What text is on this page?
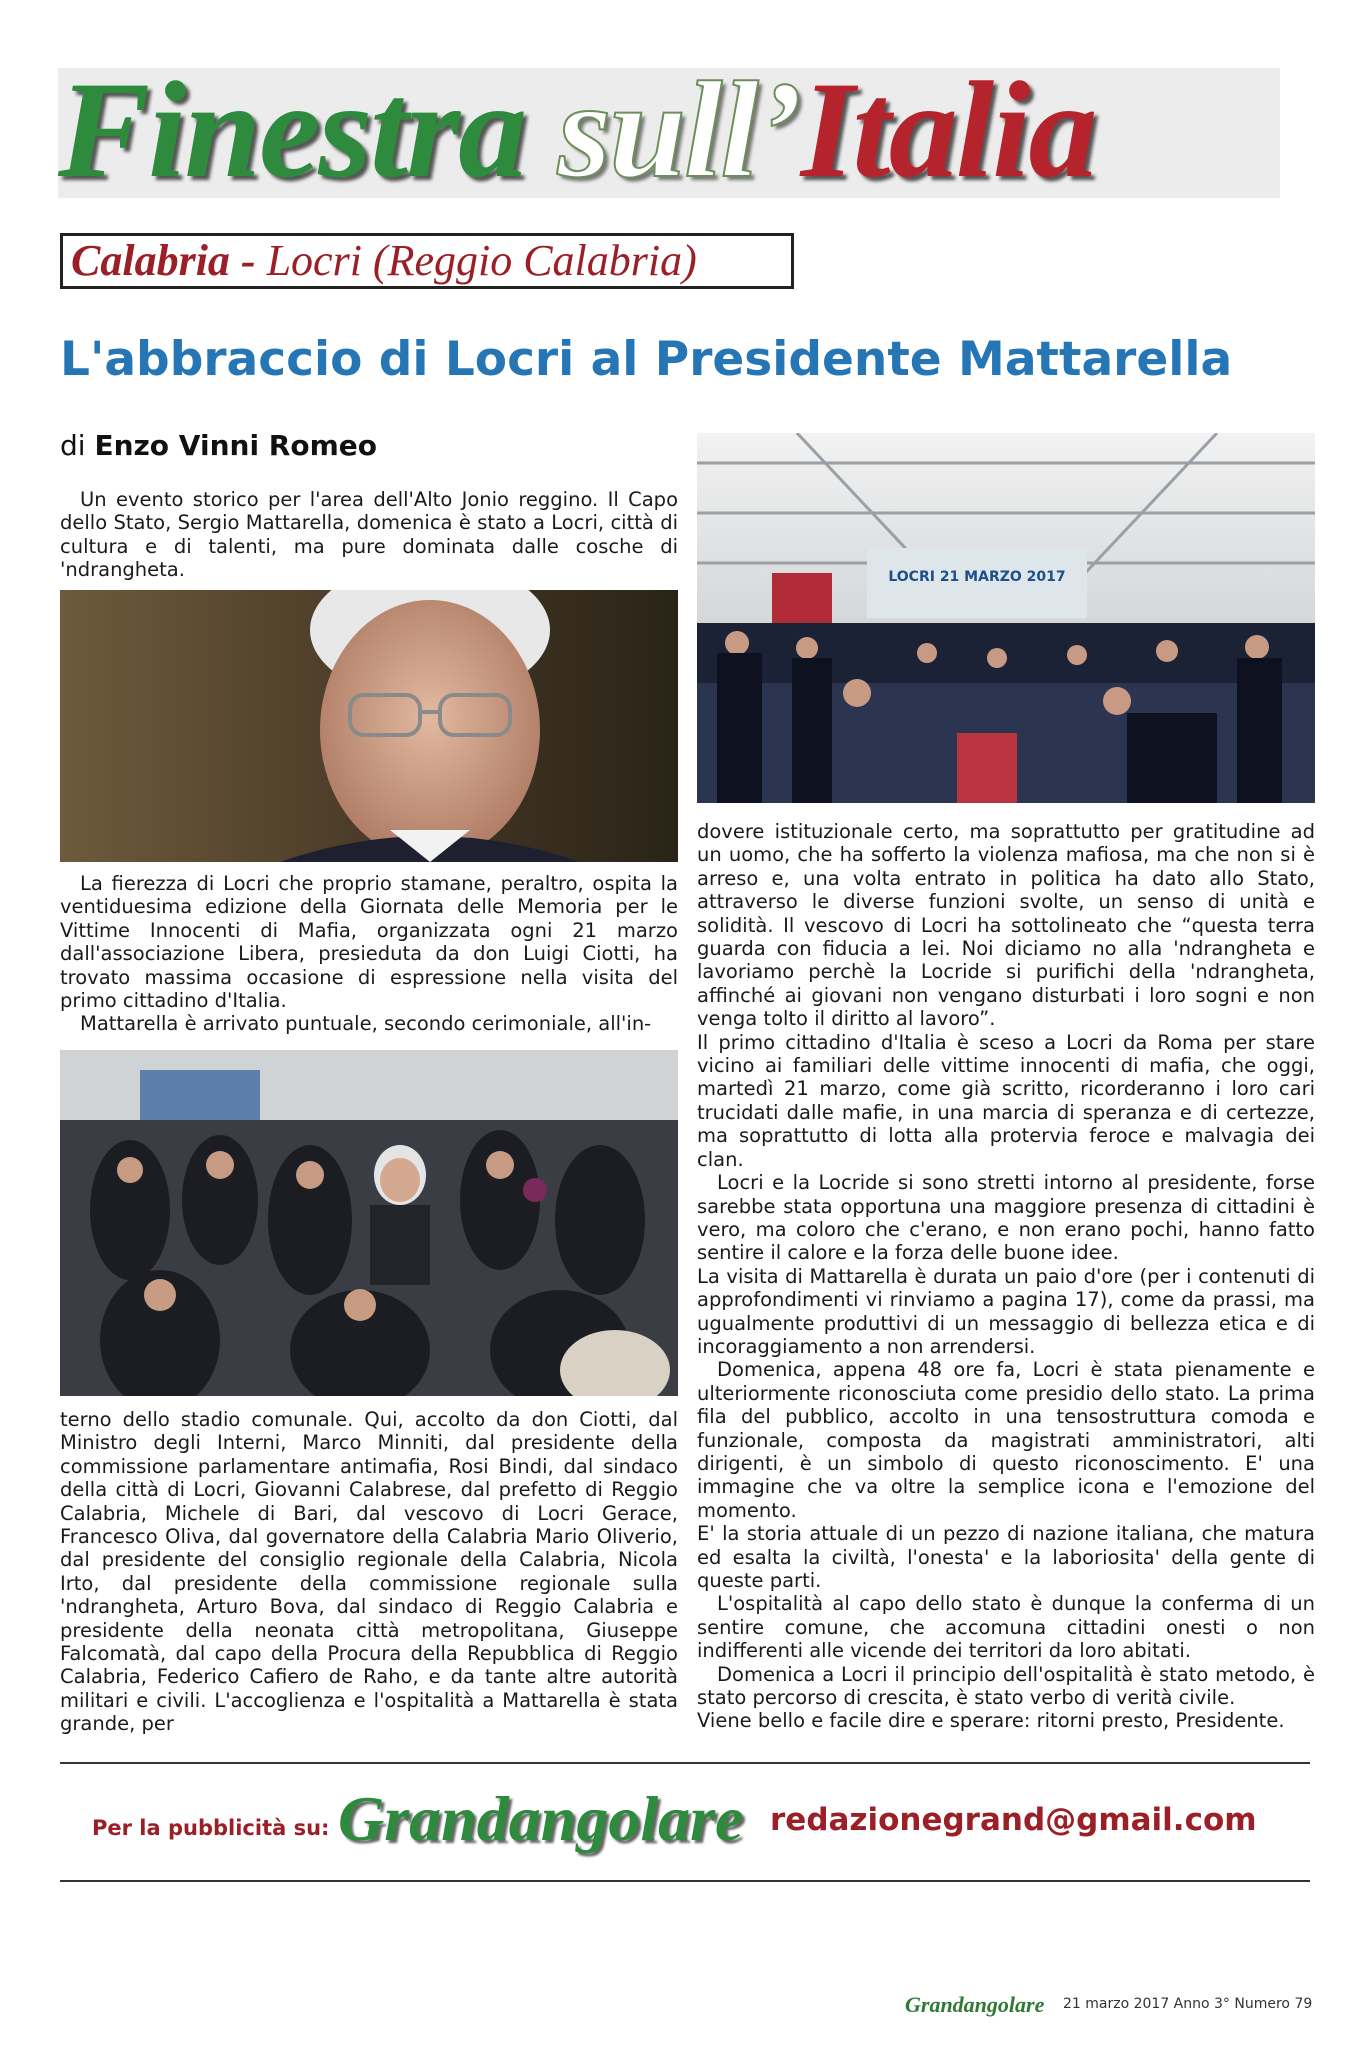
Finestra sull’Italia
Calabria - Locri (Reggio Calabria)
L'abbraccio di Locri al Presidente Mattarella
di Enzo Vinni Romeo

Un evento storico per l'area dell'Alto Jonio reggino. Il Capo dello Stato, Sergio Mattarella, domenica è stato a Locri, città di cultura e di talenti, ma pure dominata dalle cosche di 'ndrangheta.

La fierezza di Locri che proprio stamane, peraltro, ospita la ventiduesima edizione della Giornata delle Memoria per le Vittime Innocenti di Mafia, organizzata ogni 21 marzo dall'associazione Libera, presieduta da don Luigi Ciotti, ha trovato massima occasione di espressione nella visita del primo cittadino d'Italia.

Mattarella è arrivato puntuale, secondo cerimoniale, all'in-

terno dello stadio comunale. Qui, accolto da don Ciotti, dal Ministro degli Interni, Marco Minniti, dal presidente della commissione parlamentare antimafia, Rosi Bindi, dal sindaco della città di Locri, Giovanni Calabrese, dal prefetto di Reggio Calabria, Michele di Bari, dal vescovo di Locri Gerace, Francesco Oliva, dal governatore della Calabria Mario Oliverio, dal presidente del consiglio regionale della Calabria, Nicola Irto, dal presidente della commissione regionale sulla 'ndrangheta, Arturo Bova, dal sindaco di Reggio Calabria e presidente della neonata città metropolitana, Giuseppe Falcomatà, dal capo della Procura della Repubblica di Reggio Calabria, Federico Cafiero de Raho, e da tante altre autorità militari e civili. L'accoglienza e l'ospitalità a Mattarella è stata grande, per

LOCRI 21 MARZO 2017

dovere istituzionale certo, ma soprattutto per gratitudine ad un uomo, che ha sofferto la violenza mafiosa, ma che non si è arreso e, una volta entrato in politica ha dato allo Stato, attraverso le diverse funzioni svolte, un senso di unità e solidità. Il vescovo di Locri ha sottolineato che “questa terra guarda con fiducia a lei. Noi diciamo no alla 'ndrangheta e lavoriamo perchè la Locride si purifichi della 'ndrangheta, affinché ai giovani non vengano disturbati i loro sogni e non venga tolto il diritto al lavoro”.

Il primo cittadino d'Italia è sceso a Locri da Roma per stare vicino ai familiari delle vittime innocenti di mafia, che oggi, martedì 21 marzo, come già scritto, ricorderanno i loro cari trucidati dalle mafie, in una marcia di speranza e di certezze, ma soprattutto di lotta alla protervia feroce e malvagia dei clan.

Locri e la Locride si sono stretti intorno al presidente, forse sarebbe stata opportuna una maggiore presenza di cittadini è vero, ma coloro che c'erano, e non erano pochi, hanno fatto sentire il calore e la forza delle buone idee.

La visita di Mattarella è durata un paio d'ore (per i contenuti di approfondimenti vi rinviamo a pagina 17), come da prassi, ma ugualmente produttivi di un messaggio di bellezza etica e di incoraggiamento a non arrendersi.

Domenica, appena 48 ore fa, Locri è stata pienamente e ulteriormente riconosciuta come presidio dello stato. La prima fila del pubblico, accolto in una tensostruttura comoda e funzionale, composta da magistrati amministratori, alti dirigenti, è un simbolo di questo riconoscimento. E' una immagine che va oltre la semplice icona e l'emozione del momento.

E' la storia attuale di un pezzo di nazione italiana, che matura ed esalta la civiltà, l'onesta' e la laboriosita' della gente di queste parti.

L'ospitalità al capo dello stato è dunque la conferma di un sentire comune, che accomuna cittadini onesti o non indifferenti alle vicende dei territori da loro abitati.

Domenica a Locri il principio dell'ospitalità è stato metodo, è stato percorso di crescita, è stato verbo di verità civile.

Viene bello e facile dire e sperare: ritorni presto, Presidente.

Per la pubblicità su: Grandangolare redazionegrand@gmail.com
Grandangolare 21 marzo 2017 Anno 3° Numero 79
